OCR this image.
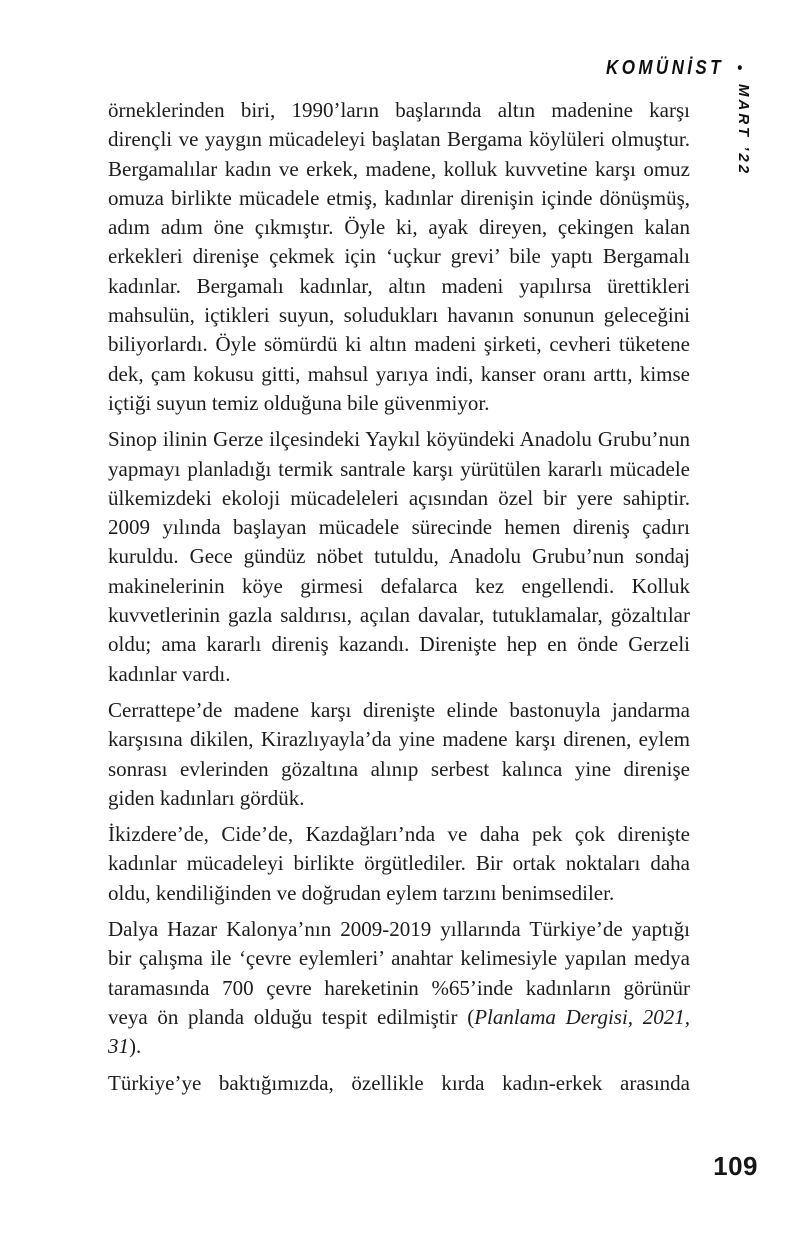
KOMÜNİST •
MART ’22

örneklerinden biri, 1990’ların başlarında altın madenine karşı dirençli ve yaygın mücadeleyi başlatan Bergama köylüleri olmuştur. Bergamalılar kadın ve erkek, madene, kolluk kuvvetine karşı omuz omuza birlikte mücadele etmiş, kadınlar direnişin içinde dönüşmüş, adım adım öne çıkmıştır. Öyle ki, ayak direyen, çekingen kalan erkekleri direnişe çekmek için ‘uçkur grevi’ bile yaptı Bergamalı kadınlar. Bergamalı kadınlar, altın madeni yapılırsa ürettikleri mahsulün, içtikleri suyun, soludukları havanın sonunun geleceğini biliyorlardı. Öyle sömürdü ki altın madeni şirketi, cevheri tüketene dek, çam kokusu gitti, mahsul yarıya indi, kanser oranı arttı, kimse içtiği suyun temiz olduğuna bile güvenmiyor.

Sinop ilinin Gerze ilçesindeki Yaykıl köyündeki Anadolu Grubu’nun yapmayı planladığı termik santrale karşı yürütülen kararlı mücadele ülkemizdeki ekoloji mücadeleleri açısından özel bir yere sahiptir. 2009 yılında başlayan mücadele sürecinde hemen direniş çadırı kuruldu. Gece gündüz nöbet tutuldu, Anadolu Grubu’nun sondaj makinelerinin köye girmesi defalarca kez engellendi. Kolluk kuvvetlerinin gazla saldırısı, açılan davalar, tutuklamalar, gözaltılar oldu; ama kararlı direniş kazandı. Direnişte hep en önde Gerzeli kadınlar vardı.

Cerrattepe’de madene karşı direnişte elinde bastonuyla jandarma karşısına dikilen, Kirazlıyayla’da yine madene karşı direnen, eylem sonrası evlerinden gözaltına alınıp serbest kalınca yine direnişe giden kadınları gördük.

İkizdere’de, Cide’de, Kazdağları’nda ve daha pek çok direnişte kadınlar mücadeleyi birlikte örgütlediler. Bir ortak noktaları daha oldu, kendiliğinden ve doğrudan eylem tarzını benimsediler.

Dalya Hazar Kalonya’nın 2009-2019 yıllarında Türkiye’de yaptığı bir çalışma ile ‘çevre eylemleri’ anahtar kelimesiyle yapılan medya taramasında 700 çevre hareketinin %65’inde kadınların görünür veya ön planda olduğu tespit edilmiştir (Planlama Dergisi, 2021, 31).

Türkiye’ye baktığımızda, özellikle kırda kadın-erkek arasında

109
